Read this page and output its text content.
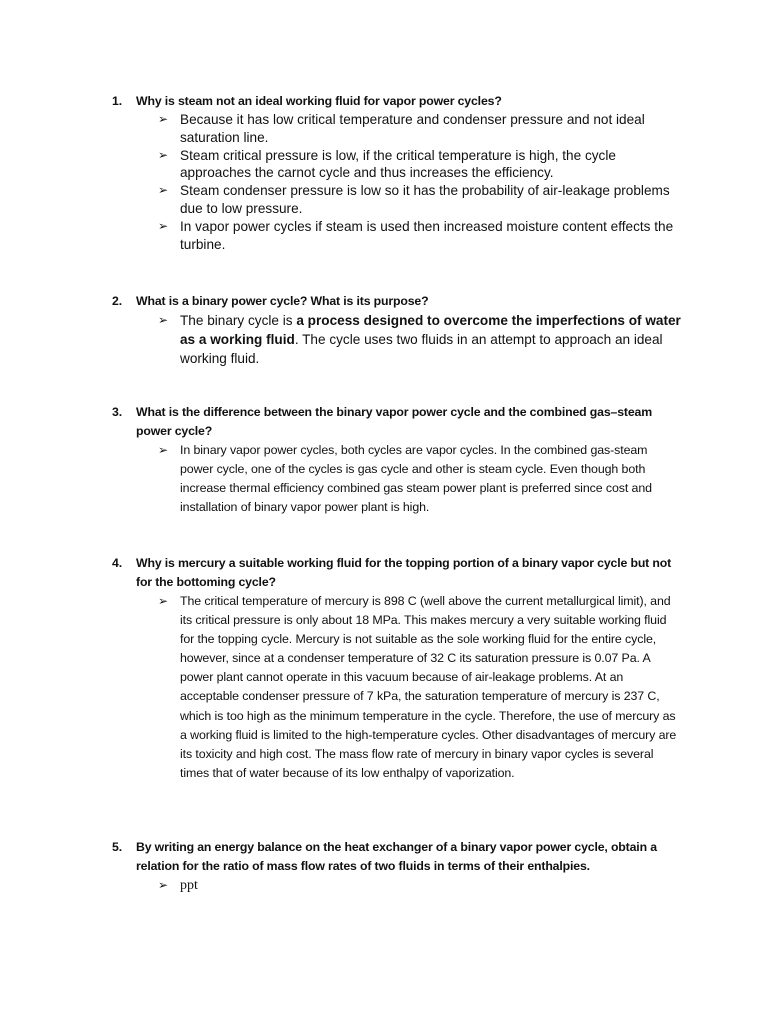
1. Why is steam not an ideal working fluid for vapor power cycles?
➢ Because it has low critical temperature and condenser pressure and not ideal saturation line.
➢ Steam critical pressure is low, if the critical temperature is high, the cycle approaches the carnot cycle and thus increases the efficiency.
➢ Steam condenser pressure is low so it has the probability of air-leakage problems due to low pressure.
➢ In vapor power cycles if steam is used then increased moisture content effects the turbine.
2. What is a binary power cycle? What is its purpose?
➢ The binary cycle is a process designed to overcome the imperfections of water as a working fluid. The cycle uses two fluids in an attempt to approach an ideal working fluid.
3. What is the difference between the binary vapor power cycle and the combined gas–steam power cycle?
➢ In binary vapor power cycles, both cycles are vapor cycles. In the combined gas-steam power cycle, one of the cycles is gas cycle and other is steam cycle. Even though both increase thermal efficiency combined gas steam power plant is preferred since cost and installation of binary vapor power plant is high.
4. Why is mercury a suitable working fluid for the topping portion of a binary vapor cycle but not for the bottoming cycle?
➢ The critical temperature of mercury is 898 C (well above the current metallurgical limit), and its critical pressure is only about 18 MPa. This makes mercury a very suitable working fluid for the topping cycle. Mercury is not suitable as the sole working fluid for the entire cycle, however, since at a condenser temperature of 32 C its saturation pressure is 0.07 Pa. A power plant cannot operate in this vacuum because of air-leakage problems. At an acceptable condenser pressure of 7 kPa, the saturation temperature of mercury is 237 C, which is too high as the minimum temperature in the cycle. Therefore, the use of mercury as a working fluid is limited to the high-temperature cycles. Other disadvantages of mercury are its toxicity and high cost. The mass flow rate of mercury in binary vapor cycles is several times that of water because of its low enthalpy of vaporization.
5. By writing an energy balance on the heat exchanger of a binary vapor power cycle, obtain a relation for the ratio of mass flow rates of two fluids in terms of their enthalpies.
➢ ppt
